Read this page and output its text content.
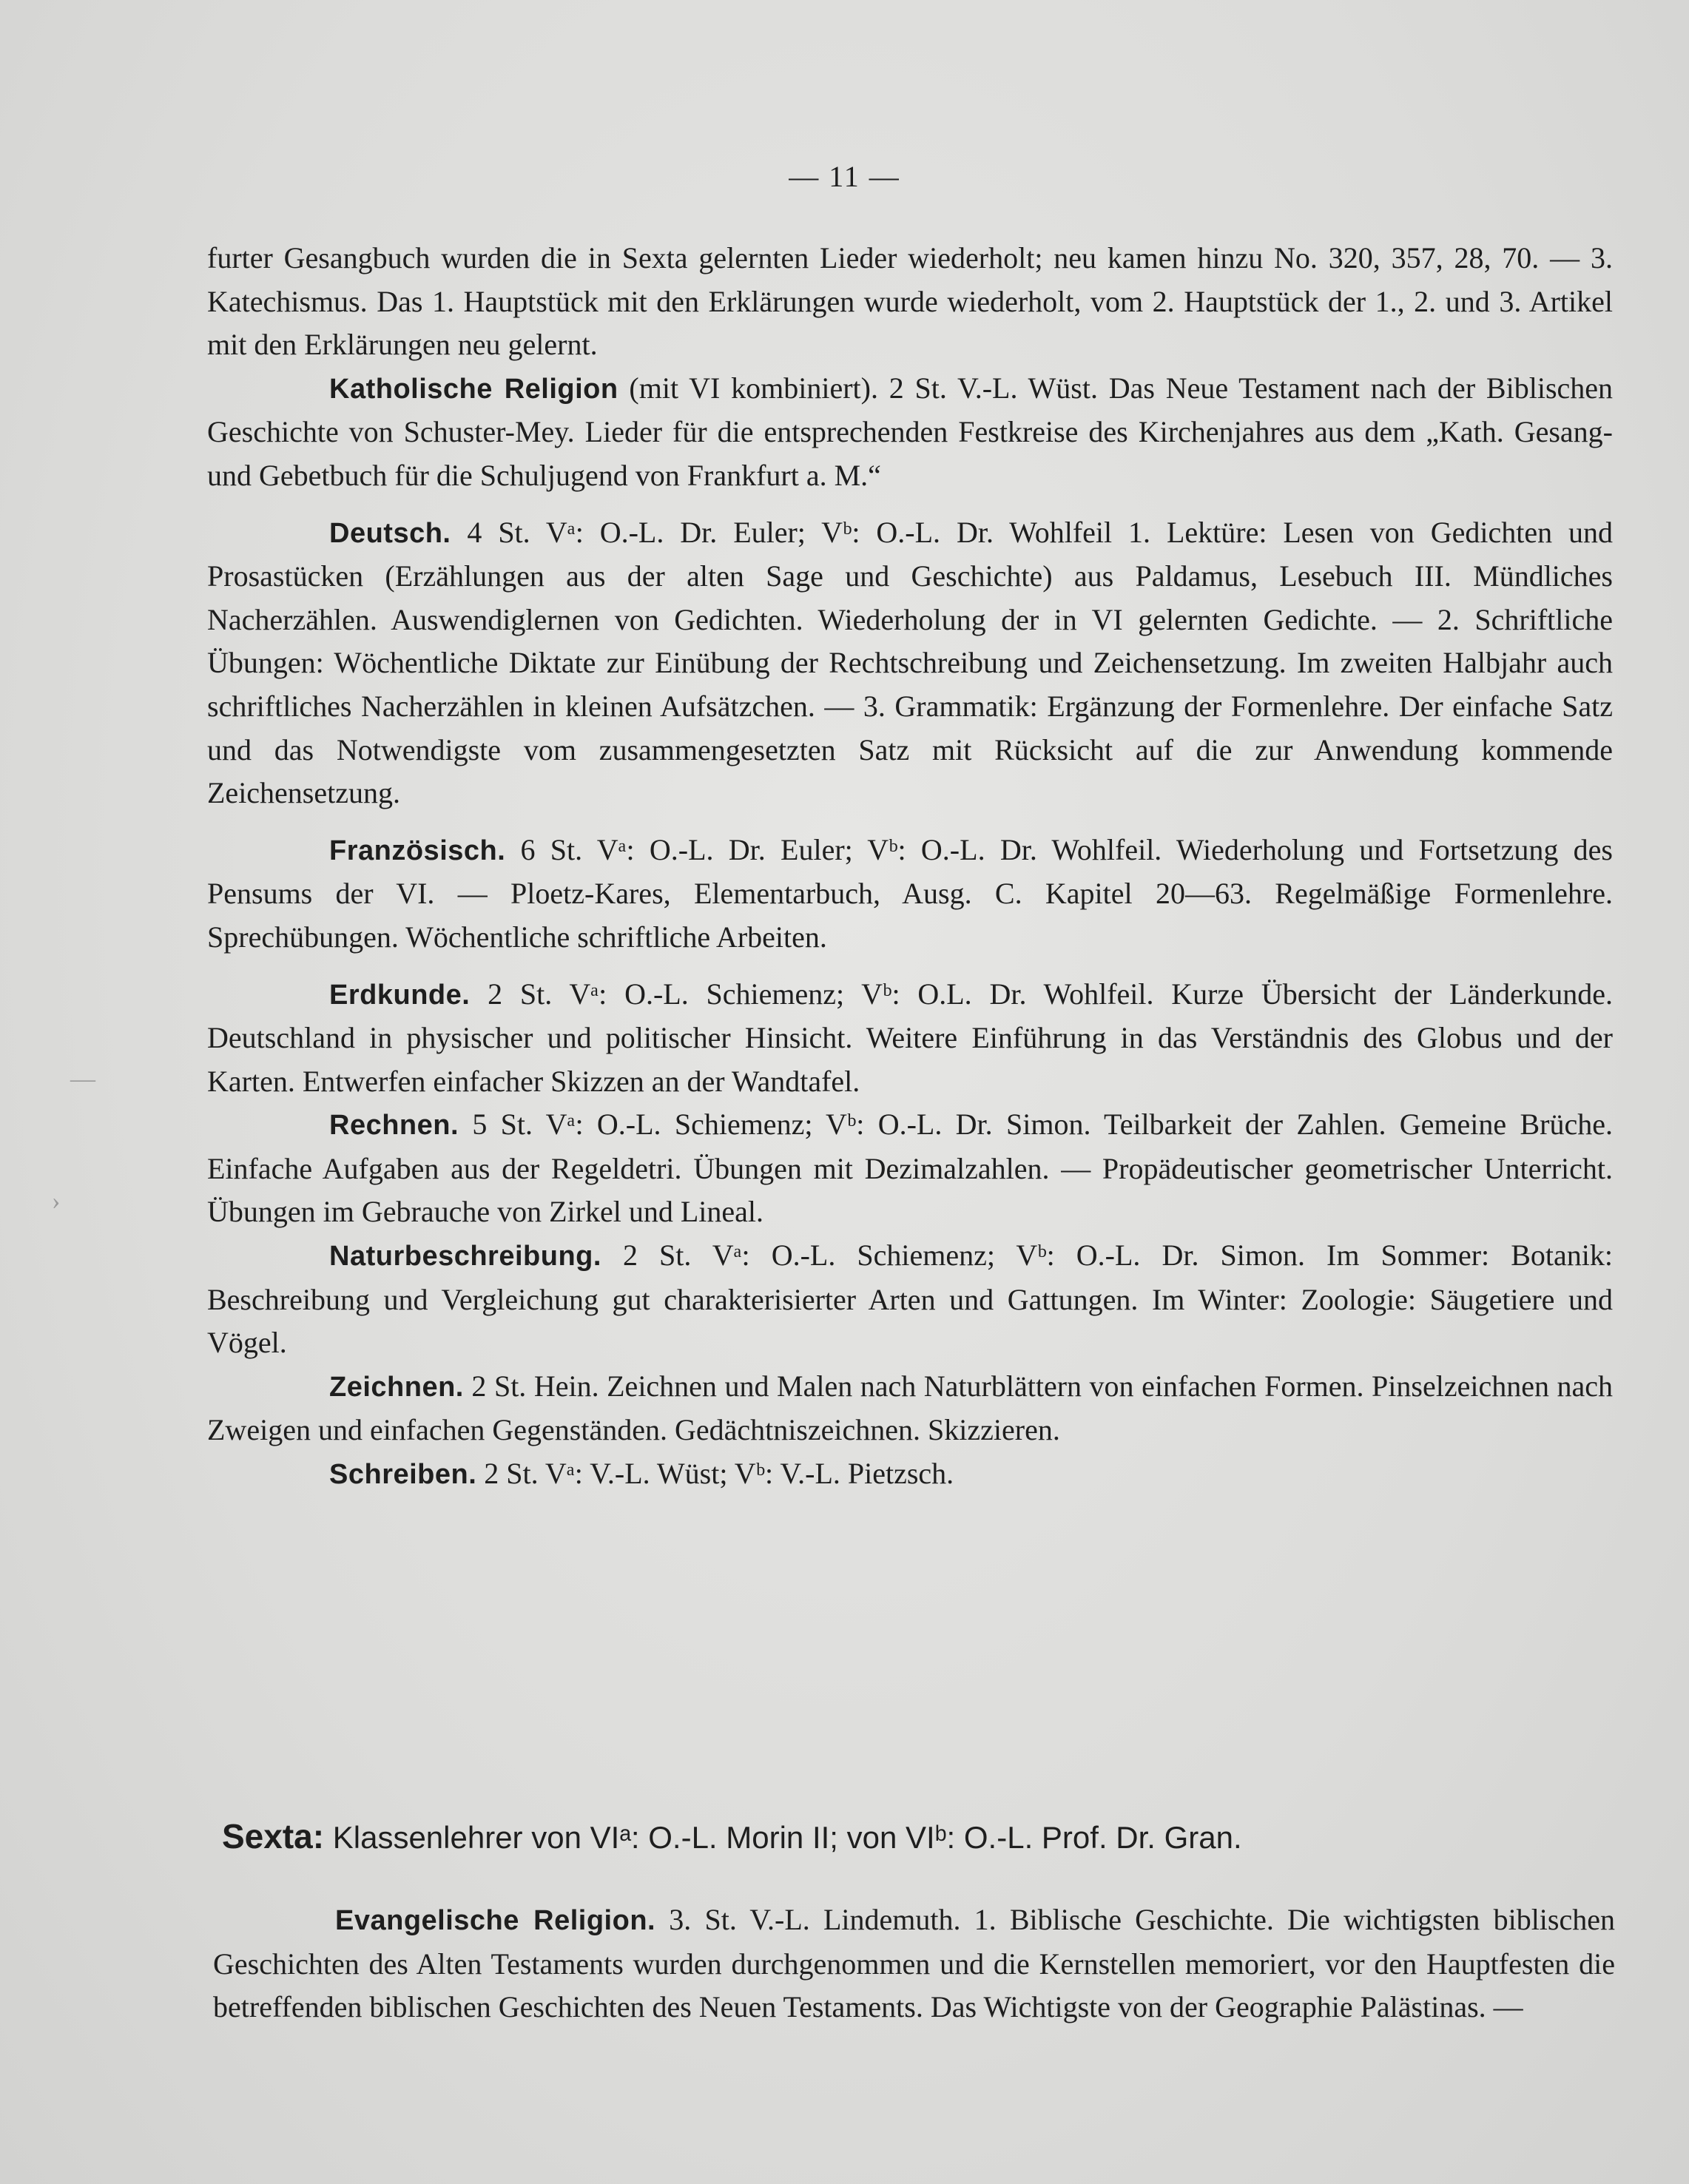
— 11 —

furter Gesangbuch wurden die in Sexta gelernten Lieder wiederholt; neu kamen hinzu No. 320, 357, 28, 70. — 3. Katechismus. Das 1. Hauptstück mit den Erklärungen wurde wiederholt, vom 2. Hauptstück der 1., 2. und 3. Artikel mit den Erklärungen neu gelernt.

Katholische Religion (mit VI kombiniert). 2 St. V.-L. Wüst. Das Neue Testament nach der Biblischen Geschichte von Schuster-Mey. Lieder für die entsprechenden Festkreise des Kirchenjahres aus dem „Kath. Gesang- und Gebetbuch für die Schuljugend von Frankfurt a. M.“

Deutsch. 4 St. Vᵃ: O.-L. Dr. Euler; Vᵇ: O.-L. Dr. Wohlfeil 1. Lektüre: Lesen von Gedichten und Prosastücken (Erzählungen aus der alten Sage und Geschichte) aus Paldamus, Lesebuch III. Mündliches Nacherzählen. Auswendiglernen von Gedichten. Wiederholung der in VI gelernten Gedichte. — 2. Schriftliche Übungen: Wöchentliche Diktate zur Einübung der Rechtschreibung und Zeichensetzung. Im zweiten Halbjahr auch schriftliches Nacherzählen in kleinen Aufsätzchen. — 3. Grammatik: Ergänzung der Formenlehre. Der einfache Satz und das Notwendigste vom zusammengesetzten Satz mit Rücksicht auf die zur Anwendung kommende Zeichensetzung.

Französisch. 6 St. Vᵃ: O.-L. Dr. Euler; Vᵇ: O.-L. Dr. Wohlfeil. Wiederholung und Fortsetzung des Pensums der VI. — Ploetz-Kares, Elementarbuch, Ausg. C. Kapitel 20—63. Regelmäßige Formenlehre. Sprechübungen. Wöchentliche schriftliche Arbeiten.

Erdkunde. 2 St. Vᵃ: O.-L. Schiemenz; Vᵇ: O.L. Dr. Wohlfeil. Kurze Übersicht der Länderkunde. Deutschland in physischer und politischer Hinsicht. Weitere Einführung in das Verständnis des Globus und der Karten. Entwerfen einfacher Skizzen an der Wandtafel.

Rechnen. 5 St. Vᵃ: O.-L. Schiemenz; Vᵇ: O.-L. Dr. Simon. Teilbarkeit der Zahlen. Gemeine Brüche. Einfache Aufgaben aus der Regeldetri. Übungen mit Dezimalzahlen. — Propädeutischer geometrischer Unterricht. Übungen im Gebrauche von Zirkel und Lineal.

Naturbeschreibung. 2 St. Vᵃ: O.-L. Schiemenz; Vᵇ: O.-L. Dr. Simon. Im Sommer: Botanik: Beschreibung und Vergleichung gut charakterisierter Arten und Gattungen. Im Winter: Zoologie: Säugetiere und Vögel.

Zeichnen. 2 St. Hein. Zeichnen und Malen nach Naturblättern von einfachen Formen. Pinselzeichnen nach Zweigen und einfachen Gegenständen. Gedächtniszeichnen. Skizzieren.

Schreiben. 2 St. Vᵃ: V.-L. Wüst; Vᵇ: V.-L. Pietzsch.

Sexta: Klassenlehrer von VIᵃ: O.-L. Morin II; von VIᵇ: O.-L. Prof. Dr. Gran.

Evangelische Religion. 3. St. V.-L. Lindemuth. 1. Biblische Geschichte. Die wichtigsten biblischen Geschichten des Alten Testaments wurden durchgenommen und die Kernstellen memoriert, vor den Hauptfesten die betreffenden biblischen Geschichten des Neuen Testaments. Das Wichtigste von der Geographie Palästinas. —

—
›
